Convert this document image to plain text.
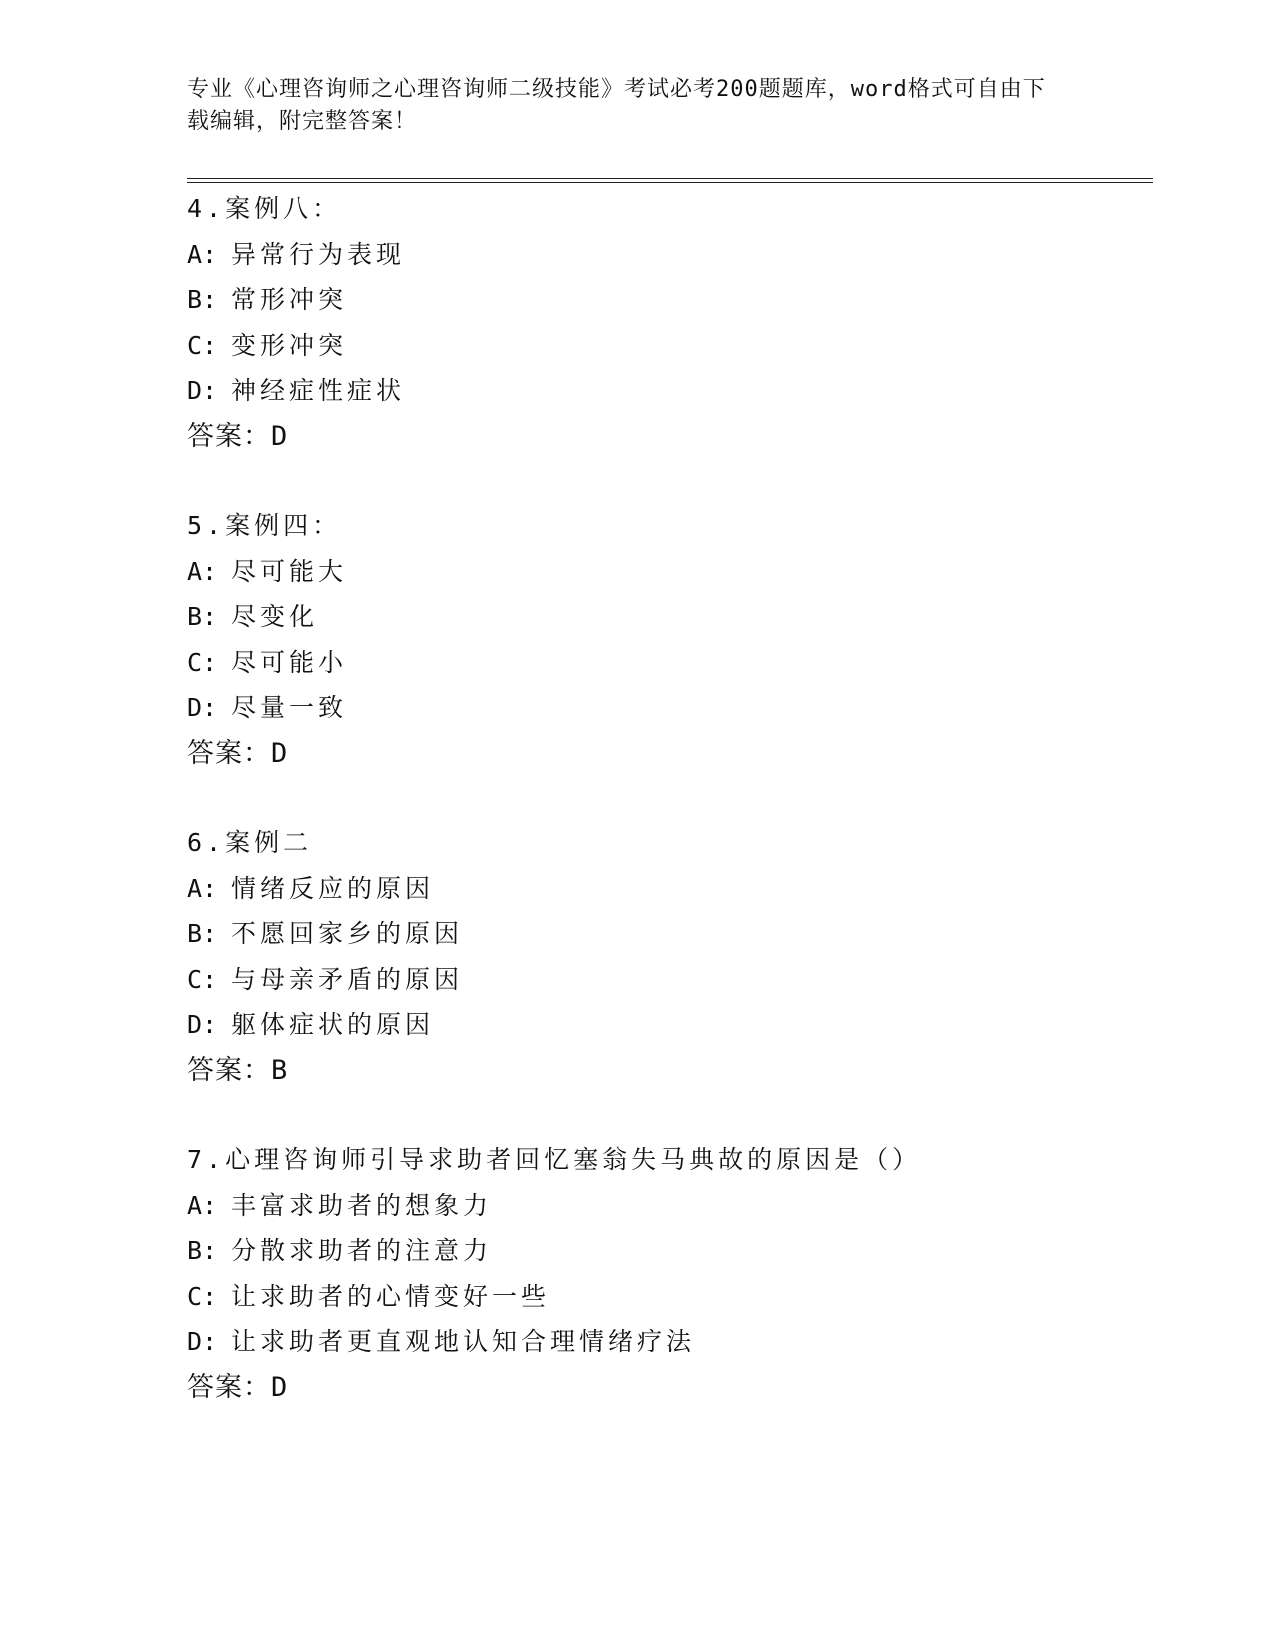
专业《心理咨询师之心理咨询师二级技能》考试必考200题题库，word格式可自由下载编辑，附完整答案！
4.案例八：
A: 异常行为表现
B: 常形冲突
C: 变形冲突
D: 神经症性症状
答案：D
5.案例四：
A: 尽可能大
B: 尽变化
C: 尽可能小
D: 尽量一致
答案：D
6.案例二
A: 情绪反应的原因
B: 不愿回家乡的原因
C: 与母亲矛盾的原因
D: 躯体症状的原因
答案：B
7.心理咨询师引导求助者回忆塞翁失马典故的原因是（）
A: 丰富求助者的想象力
B: 分散求助者的注意力
C: 让求助者的心情变好一些
D: 让求助者更直观地认知合理情绪疗法
答案：D
